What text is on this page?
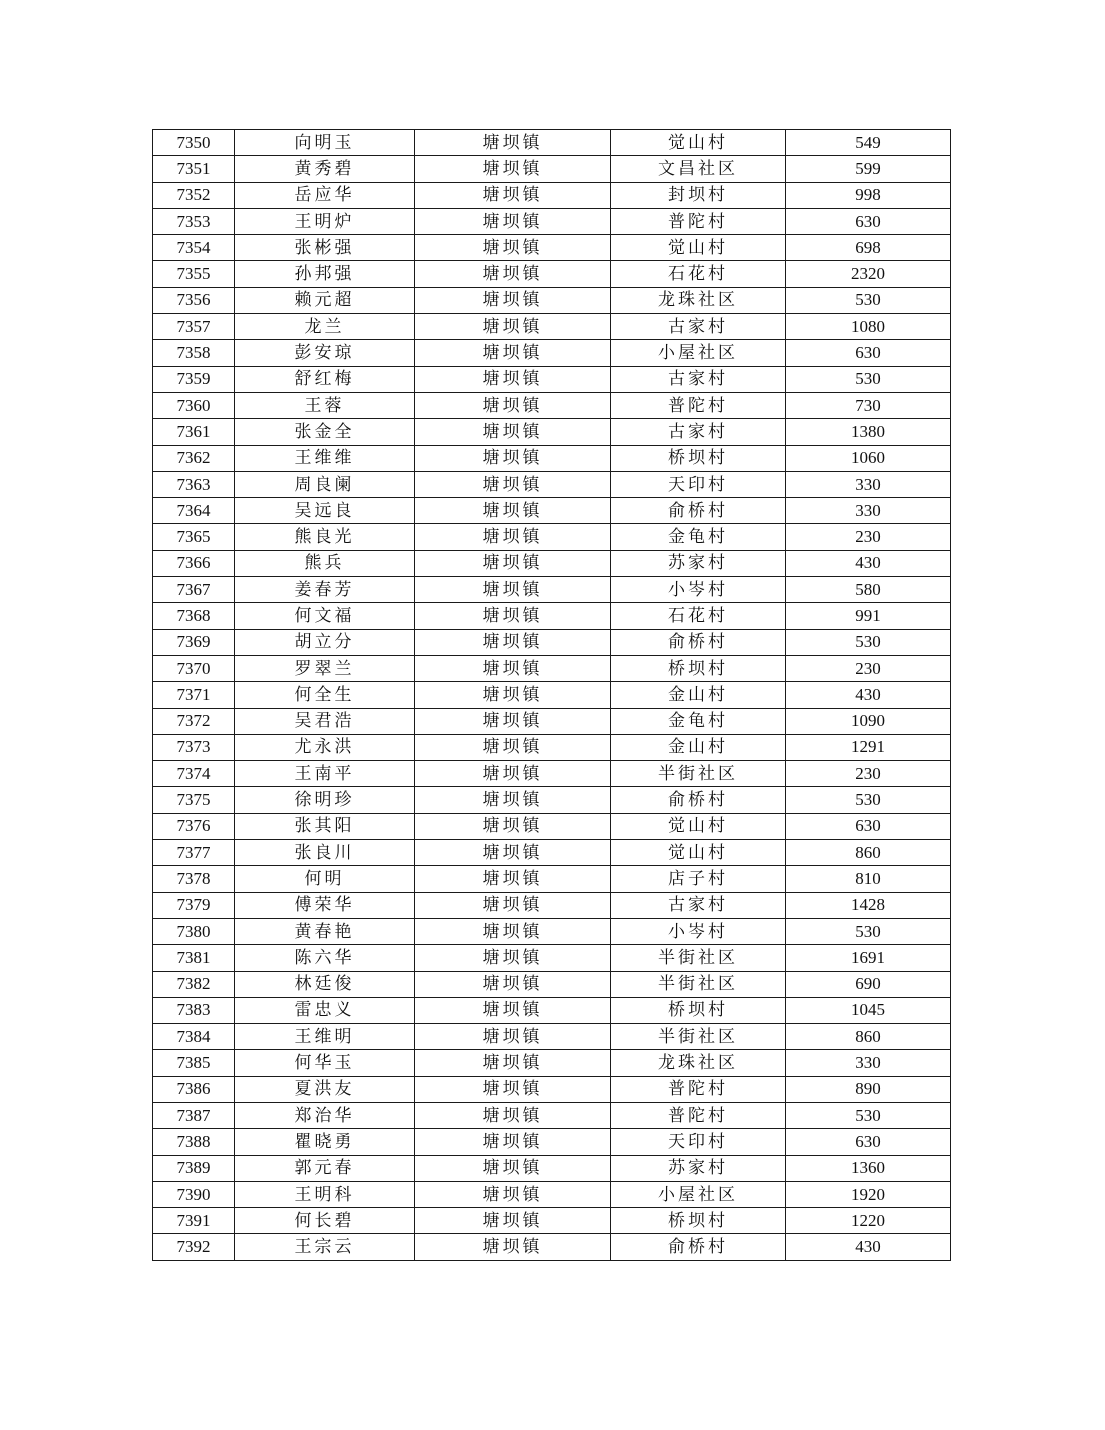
7350	向明玉	塘坝镇	觉山村	549
7351	黄秀碧	塘坝镇	文昌社区	599
7352	岳应华	塘坝镇	封坝村	998
7353	王明炉	塘坝镇	普陀村	630
7354	张彬强	塘坝镇	觉山村	698
7355	孙邦强	塘坝镇	石花村	2320
7356	赖元超	塘坝镇	龙珠社区	530
7357	龙兰	塘坝镇	古家村	1080
7358	彭安琼	塘坝镇	小屋社区	630
7359	舒红梅	塘坝镇	古家村	530
7360	王蓉	塘坝镇	普陀村	730
7361	张金全	塘坝镇	古家村	1380
7362	王维维	塘坝镇	桥坝村	1060
7363	周良阑	塘坝镇	天印村	330
7364	吴远良	塘坝镇	俞桥村	330
7365	熊良光	塘坝镇	金龟村	230
7366	熊兵	塘坝镇	苏家村	430
7367	姜春芳	塘坝镇	小岑村	580
7368	何文福	塘坝镇	石花村	991
7369	胡立分	塘坝镇	俞桥村	530
7370	罗翠兰	塘坝镇	桥坝村	230
7371	何全生	塘坝镇	金山村	430
7372	吴君浩	塘坝镇	金龟村	1090
7373	尤永洪	塘坝镇	金山村	1291
7374	王南平	塘坝镇	半街社区	230
7375	徐明珍	塘坝镇	俞桥村	530
7376	张其阳	塘坝镇	觉山村	630
7377	张良川	塘坝镇	觉山村	860
7378	何明	塘坝镇	店子村	810
7379	傅荣华	塘坝镇	古家村	1428
7380	黄春艳	塘坝镇	小岑村	530
7381	陈六华	塘坝镇	半街社区	1691
7382	林廷俊	塘坝镇	半街社区	690
7383	雷忠义	塘坝镇	桥坝村	1045
7384	王维明	塘坝镇	半街社区	860
7385	何华玉	塘坝镇	龙珠社区	330
7386	夏洪友	塘坝镇	普陀村	890
7387	郑治华	塘坝镇	普陀村	530
7388	瞿晓勇	塘坝镇	天印村	630
7389	郭元春	塘坝镇	苏家村	1360
7390	王明科	塘坝镇	小屋社区	1920
7391	何长碧	塘坝镇	桥坝村	1220
7392	王宗云	塘坝镇	俞桥村	430
